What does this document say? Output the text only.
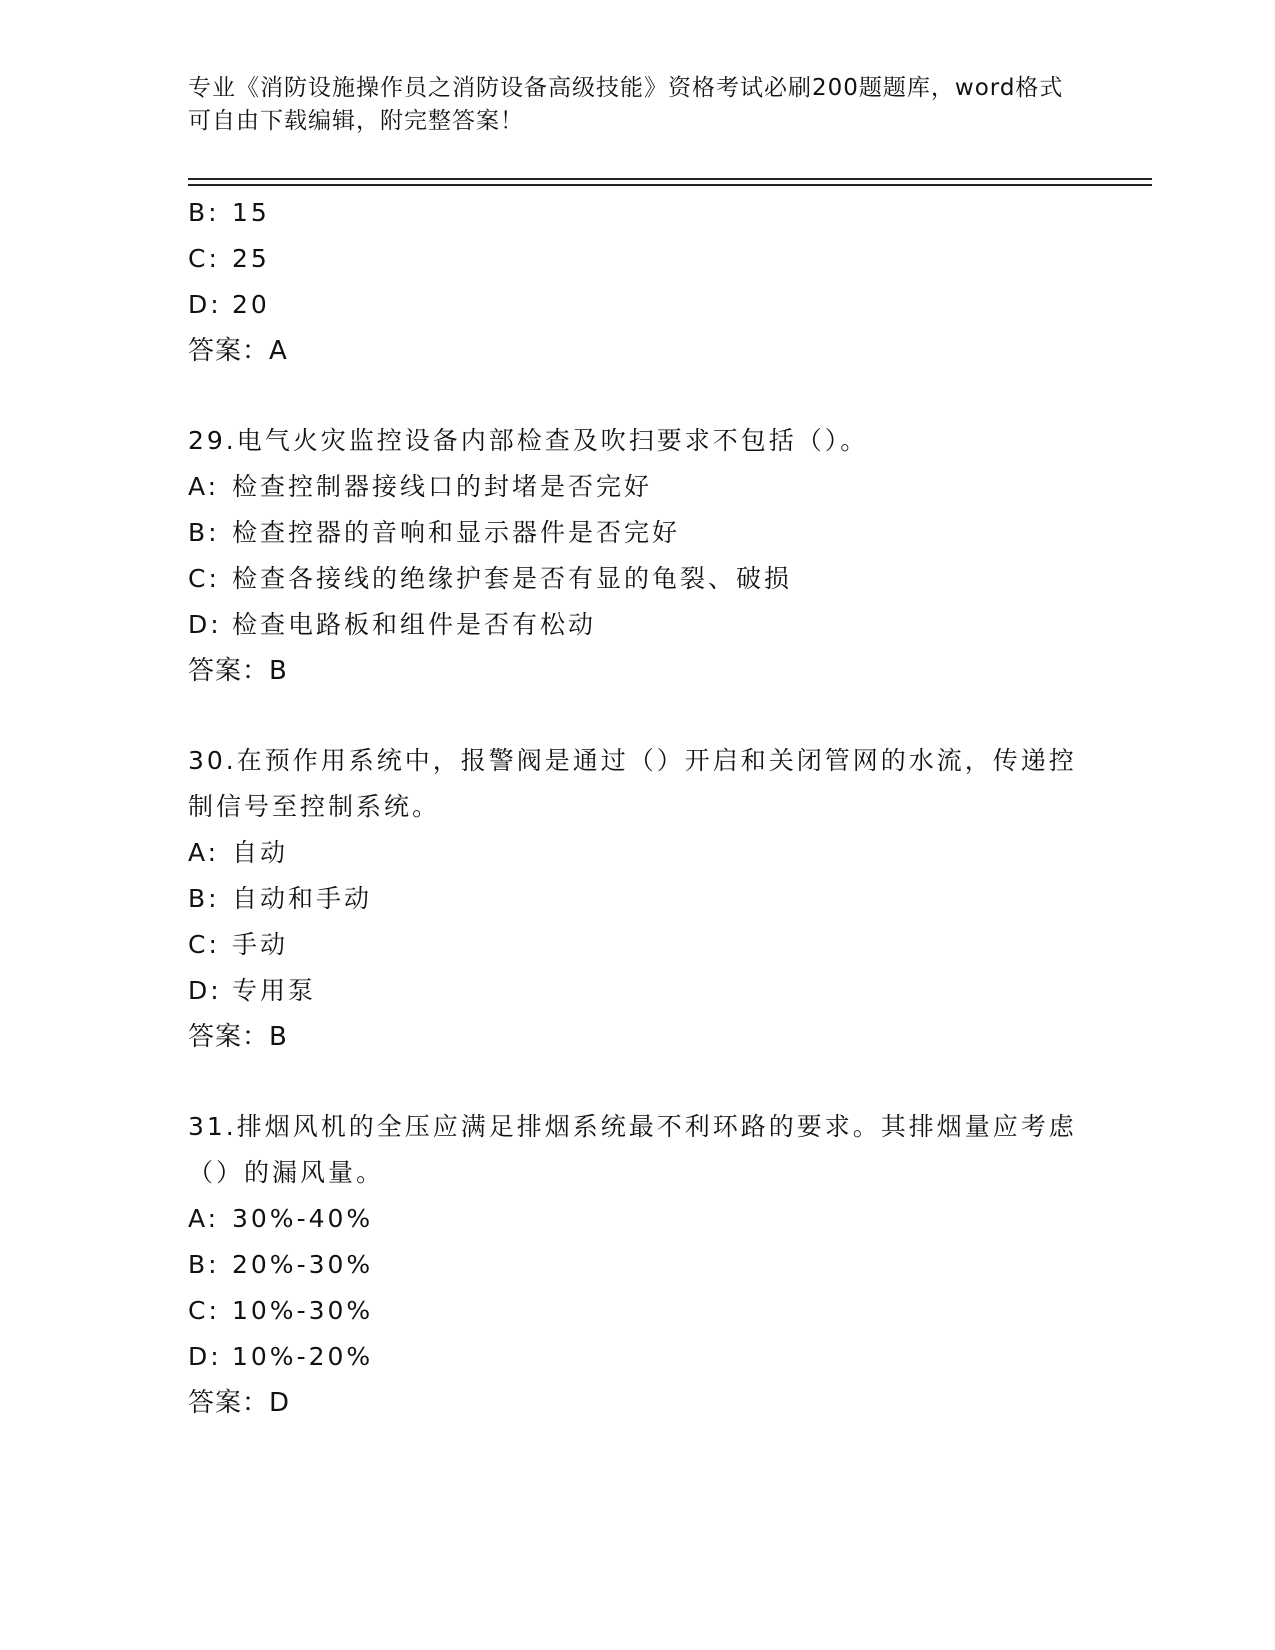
专业《消防设施操作员之消防设备高级技能》资格考试必刷200题题库，word格式可自由下载编辑，附完整答案！
B: 15
C: 25
D: 20
答案：A
29.电气火灾监控设备内部检查及吹扫要求不包括（）。
A: 检查控制器接线口的封堵是否完好
B: 检查控器的音响和显示器件是否完好
C: 检查各接线的绝缘护套是否有显的龟裂、破损
D: 检查电路板和组件是否有松动
答案：B
30.在预作用系统中，报警阀是通过（）开启和关闭管网的水流，传递控制信号至控制系统。
A: 自动
B: 自动和手动
C: 手动
D: 专用泵
答案：B
31.排烟风机的全压应满足排烟系统最不利环路的要求。其排烟量应考虑（）的漏风量。
A: 30%-40%
B: 20%-30%
C: 10%-30%
D: 10%-20%
答案：D
